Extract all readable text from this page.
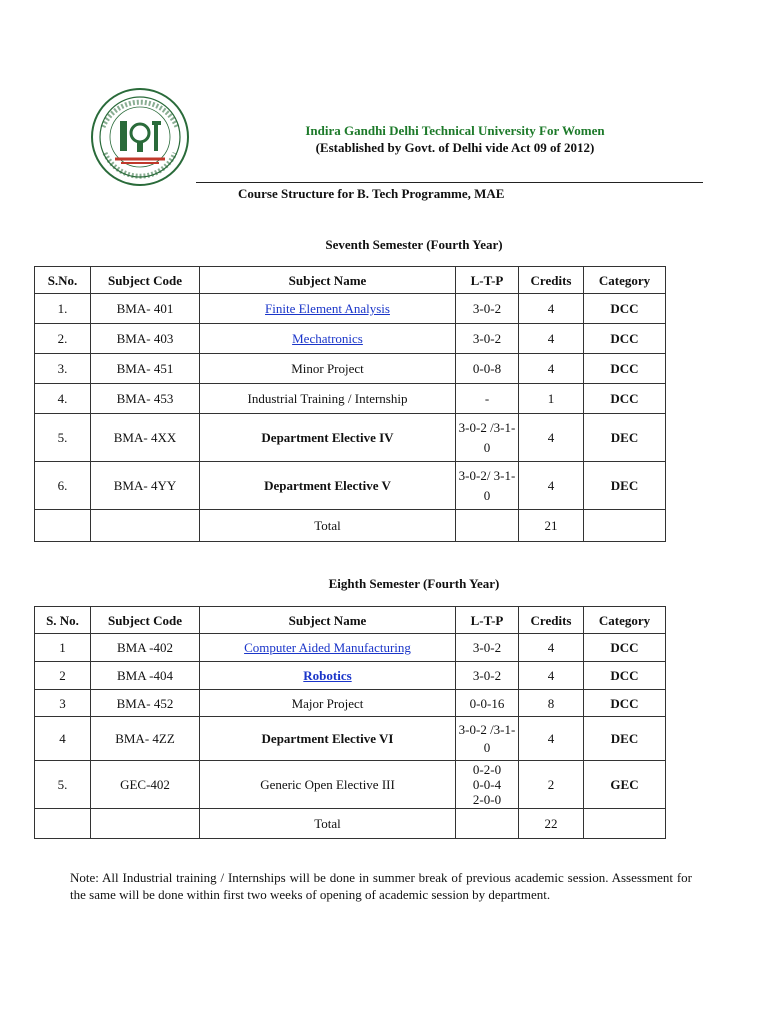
Indira Gandhi Delhi Technical University For Women
(Established by Govt. of Delhi vide Act 09 of 2012)
Course Structure for B. Tech Programme, MAE
Seventh Semester (Fourth Year)
S.No.	Subject Code	Subject Name	L-T-P	Credits	Category
1.	BMA- 401	Finite Element Analysis	3-0-2	4	DCC
2.	BMA- 403	Mechatronics	3-0-2	4	DCC
3.	BMA- 451	Minor Project	0-0-8	4	DCC
4.	BMA- 453	Industrial Training / Internship	-	1	DCC
5.	BMA- 4XX	Department Elective IV	3-0-2 /3-1-0	4	DEC
6.	BMA- 4YY	Department Elective V	3-0-2/ 3-1-0	4	DEC
		Total		21	
Eighth Semester (Fourth Year)
S. No.	Subject Code	Subject Name	L-T-P	Credits	Category
1	BMA -402	Computer Aided Manufacturing	3-0-2	4	DCC
2	BMA -404	Robotics	3-0-2	4	DCC
3	BMA- 452	Major Project	0-0-16	8	DCC
4	BMA- 4ZZ	Department Elective VI	3-0-2 /3-1-0	4	DEC
5.	GEC-402	Generic Open Elective III	0-2-0
0-0-4
2-0-0	2	GEC
		Total		22	
Note: All Industrial training / Internships will be done in summer break of previous academic session. Assessment for the same will be done within first two weeks of opening of academic session by department.
